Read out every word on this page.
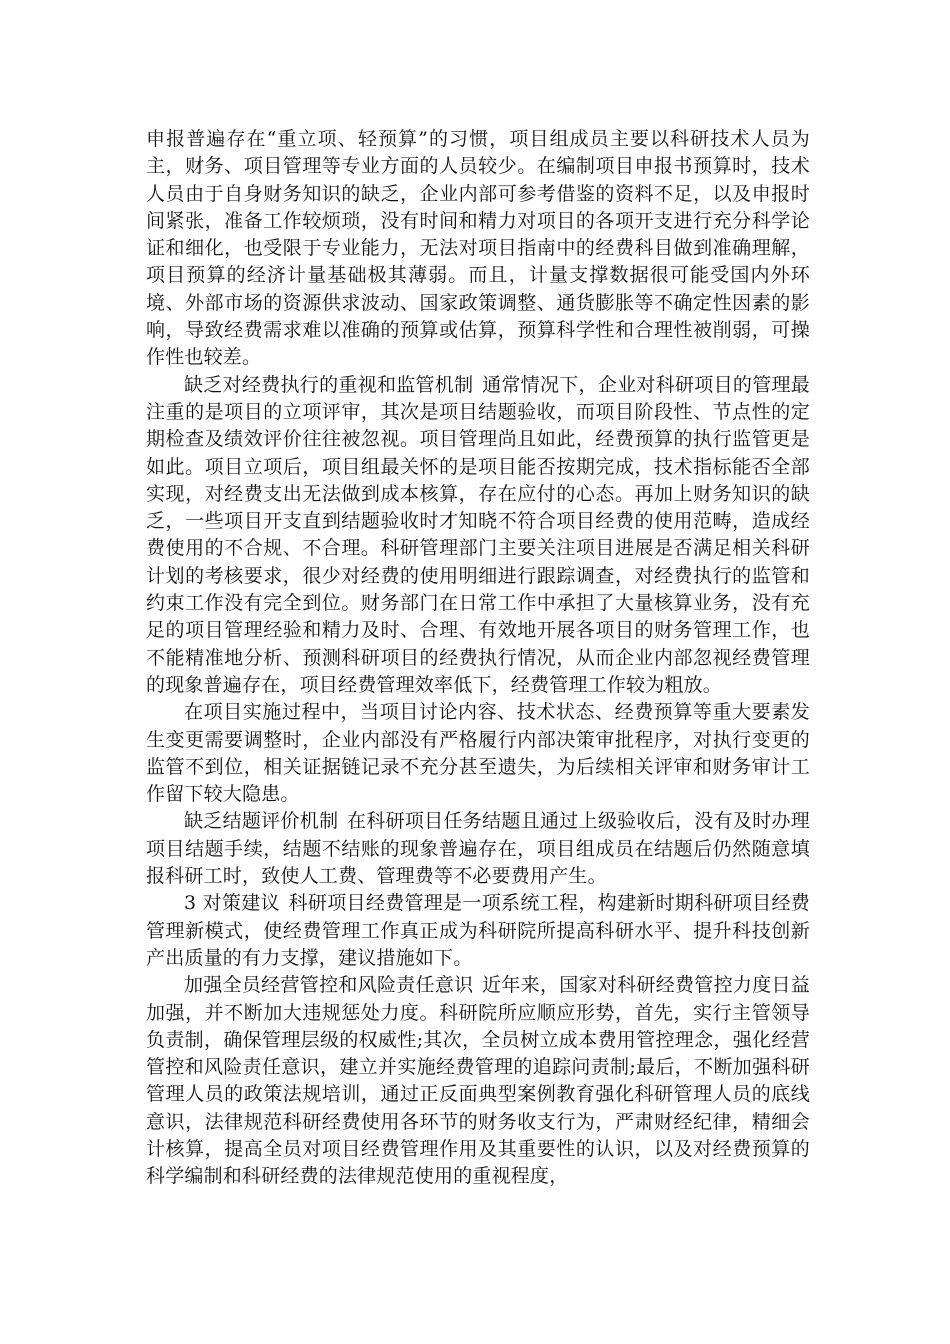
申报普遍存在“重立项、轻预算”的习惯，项目组成员主要以科研技术人员为主，财务、项目管理等专业方面的人员较少。在编制项目申报书预算时，技术人员由于自身财务知识的缺乏，企业内部可参考借鉴的资料不足，以及申报时间紧张，准备工作较烦琐，没有时间和精力对项目的各项开支进行充分科学论证和细化，也受限于专业能力，无法对项目指南中的经费科目做到准确理解，项目预算的经济计量基础极其薄弱。而且，计量支撑数据很可能受国内外环境、外部市场的资源供求波动、国家政策调整、通货膨胀等不确定性因素的影响，导致经费需求难以准确的预算或估算，预算科学性和合理性被削弱，可操作性也较差。

缺乏对经费执行的重视和监管机制 通常情况下，企业对科研项目的管理最注重的是项目的立项评审，其次是项目结题验收，而项目阶段性、节点性的定期检查及绩效评价往往被忽视。项目管理尚且如此，经费预算的执行监管更是如此。项目立项后，项目组最关怀的是项目能否按期完成，技术指标能否全部实现，对经费支出无法做到成本核算，存在应付的心态。再加上财务知识的缺乏，一些项目开支直到结题验收时才知晓不符合项目经费的使用范畴，造成经费使用的不合规、不合理。科研管理部门主要关注项目进展是否满足相关科研计划的考核要求，很少对经费的使用明细进行跟踪调查，对经费执行的监管和约束工作没有完全到位。财务部门在日常工作中承担了大量核算业务，没有充足的项目管理经验和精力及时、合理、有效地开展各项目的财务管理工作，也不能精准地分析、预测科研项目的经费执行情况，从而企业内部忽视经费管理的现象普遍存在，项目经费管理效率低下，经费管理工作较为粗放。

在项目实施过程中，当项目讨论内容、技术状态、经费预算等重大要素发生变更需要调整时，企业内部没有严格履行内部决策审批程序，对执行变更的监管不到位，相关证据链记录不充分甚至遗失，为后续相关评审和财务审计工作留下较大隐患。

缺乏结题评价机制 在科研项目任务结题且通过上级验收后，没有及时办理项目结题手续，结题不结账的现象普遍存在，项目组成员在结题后仍然随意填报科研工时，致使人工费、管理费等不必要费用产生。

3 对策建议 科研项目经费管理是一项系统工程，构建新时期科研项目经费管理新模式，使经费管理工作真正成为科研院所提高科研水平、提升科技创新产出质量的有力支撑，建议措施如下。

加强全员经营管控和风险责任意识 近年来，国家对科研经费管控力度日益加强，并不断加大违规惩处力度。科研院所应顺应形势，首先，实行主管领导负责制，确保管理层级的权威性;其次，全员树立成本费用管控理念，强化经营管控和风险责任意识，建立并实施经费管理的追踪问责制;最后，不断加强科研管理人员的政策法规培训，通过正反面典型案例教育强化科研管理人员的底线意识，法律规范科研经费使用各环节的财务收支行为，严肃财经纪律，精细会计核算，提高全员对项目经费管理作用及其重要性的认识，以及对经费预算的科学编制和科研经费的法律规范使用的重视程度，
